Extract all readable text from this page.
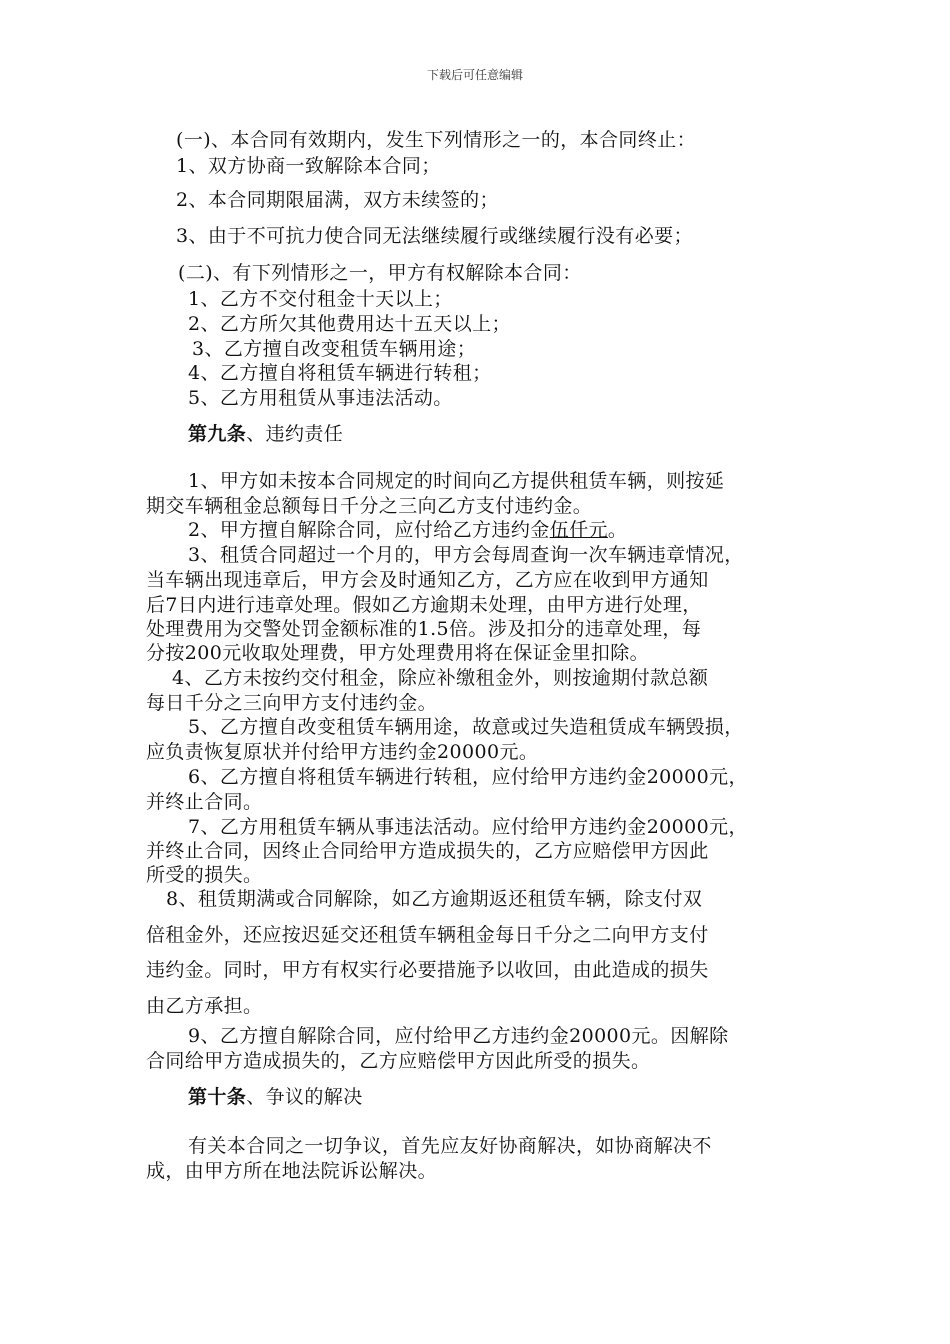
下载后可任意编辑
(一)、本合同有效期内，发生下列情形之一的，本合同终止：
1、双方协商一致解除本合同；
2、本合同期限届满，双方未续签的；
3、由于不可抗力使合同无法继续履行或继续履行没有必要；
(二)、有下列情形之一，甲方有权解除本合同：
1、乙方不交付租金十天以上；
2、乙方所欠其他费用达十五天以上；
3、乙方擅自改变租赁车辆用途；
4、乙方擅自将租赁车辆进行转租；
5、乙方用租赁从事违法活动。
第九条、违约责任
1、甲方如未按本合同规定的时间向乙方提供租赁车辆，则按延
期交车辆租金总额每日千分之三向乙方支付违约金。
2、甲方擅自解除合同，应付给乙方违约金伍仟元。
3、租赁合同超过一个月的，甲方会每周查询一次车辆违章情况，
当车辆出现违章后，甲方会及时通知乙方，乙方应在收到甲方通知
后7日内进行违章处理。假如乙方逾期未处理，由甲方进行处理，
处理费用为交警处罚金额标准的1.5倍。涉及扣分的违章处理，每
分按200元收取处理费，甲方处理费用将在保证金里扣除。
4、乙方未按约交付租金，除应补缴租金外，则按逾期付款总额
每日千分之三向甲方支付违约金。
5、乙方擅自改变租赁车辆用途，故意或过失造租赁成车辆毁损，
应负责恢复原状并付给甲方违约金20000元。
6、乙方擅自将租赁车辆进行转租，应付给甲方违约金20000元，
并终止合同。
7、乙方用租赁车辆从事违法活动。应付给甲方违约金20000元，
并终止合同，因终止合同给甲方造成损失的，乙方应赔偿甲方因此
所受的损失。
8、租赁期满或合同解除，如乙方逾期返还租赁车辆，除支付双
倍租金外，还应按迟延交还租赁车辆租金每日千分之二向甲方支付
违约金。同时，甲方有权实行必要措施予以收回，由此造成的损失
由乙方承担。
9、乙方擅自解除合同，应付给甲乙方违约金20000元。因解除
合同给甲方造成损失的，乙方应赔偿甲方因此所受的损失。
第十条、争议的解决
有关本合同之一切争议，首先应友好协商解决，如协商解决不
成，由甲方所在地法院诉讼解决。
